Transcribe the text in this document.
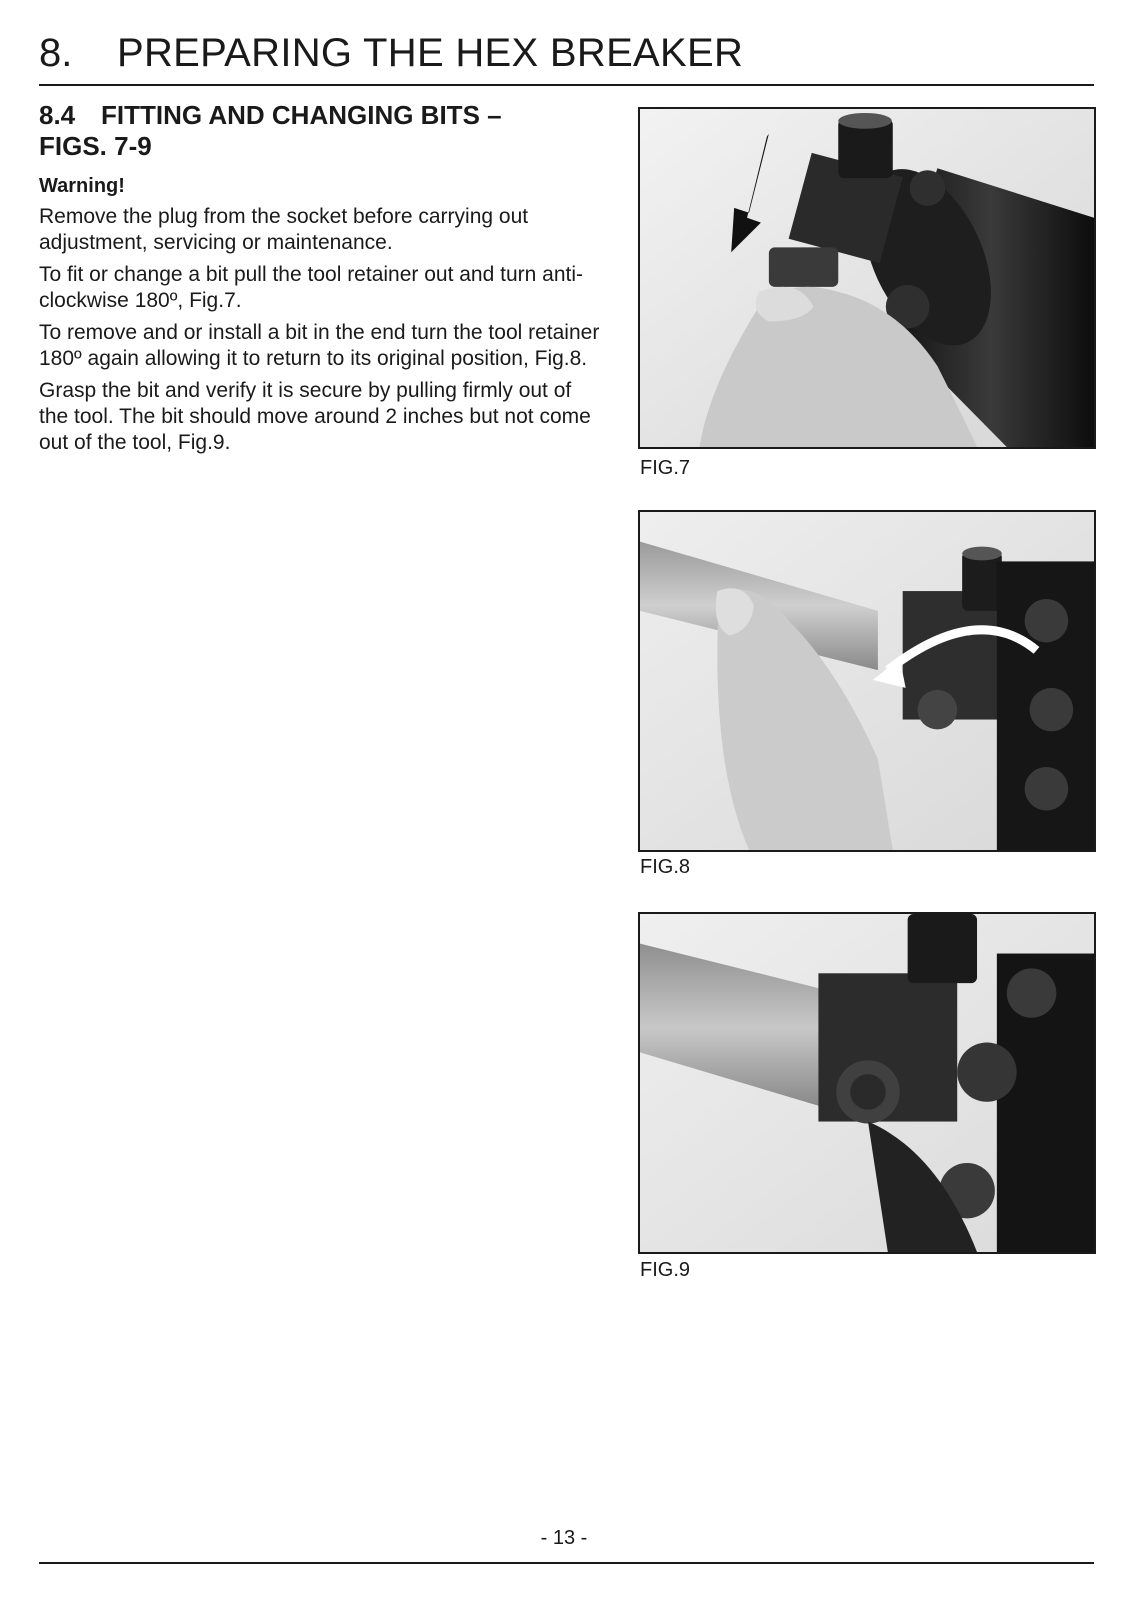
8. PREPARING THE HEX BREAKER
8.4 FITTING AND CHANGING BITS –
FIGS. 7-9
Warning!
Remove the plug from the socket before carrying out adjustment, servicing or maintenance.
To fit or change a bit pull the tool retainer out and turn anti-clockwise 180º, Fig.7.
To remove and or install a bit in the end turn the tool retainer 180º again allowing it to return to its original position, Fig.8.
Grasp the bit and verify it is secure by pulling firmly out of the tool. The bit should move around 2 inches but not come out of the tool, Fig.9.
FIG.7
FIG.8
FIG.9
- 13 -
